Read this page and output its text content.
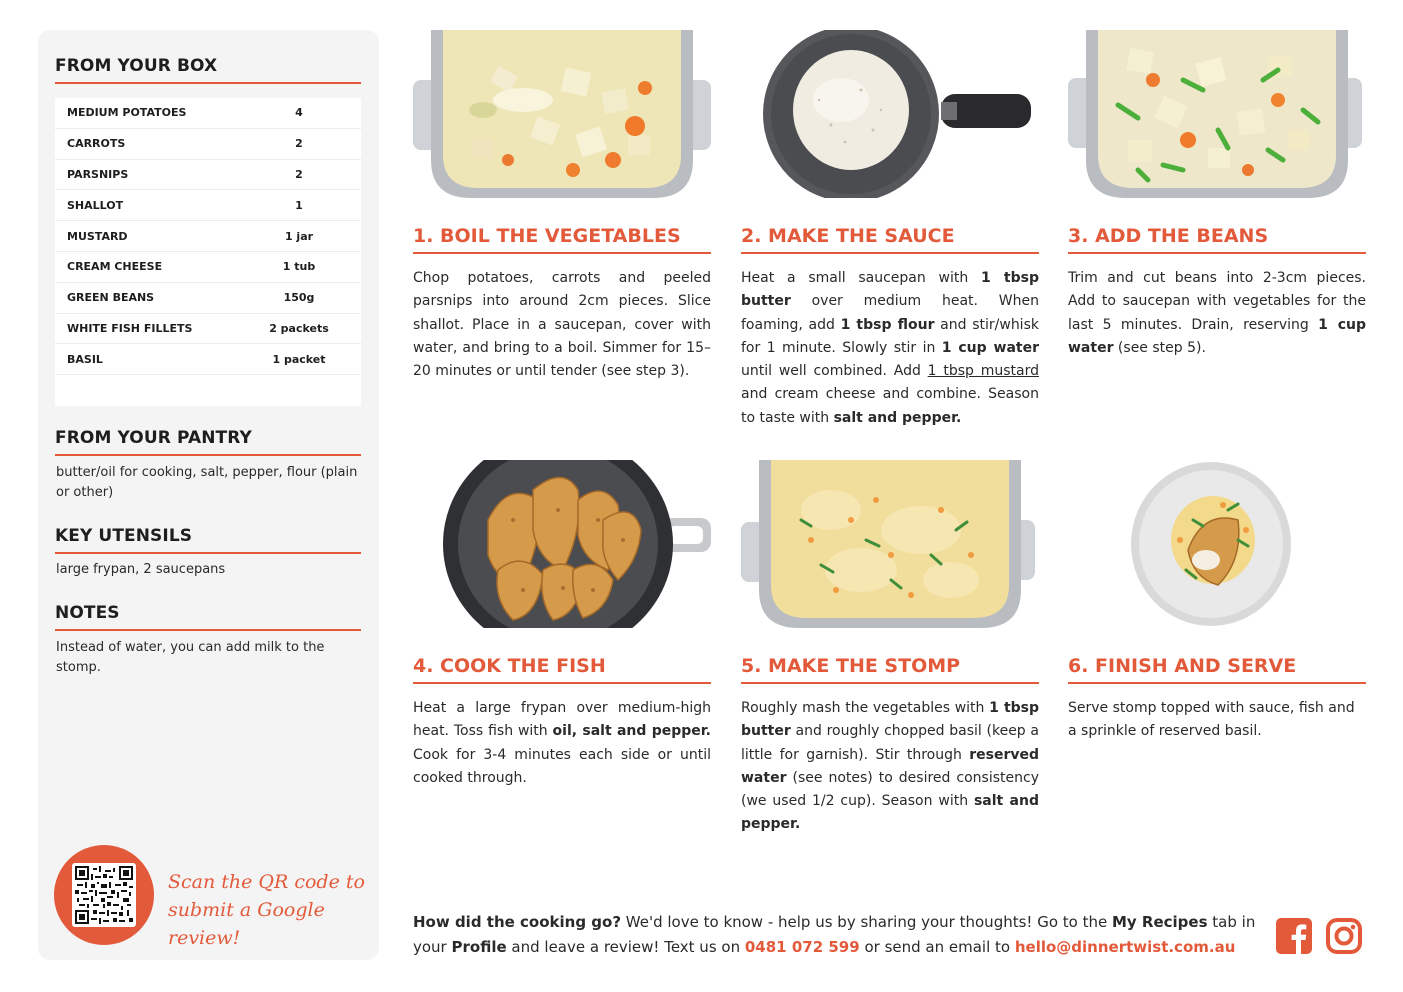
FROM YOUR BOX
MEDIUM POTATOES	4
CARROTS	2
PARSNIPS	2
SHALLOT	1
MUSTARD	1 jar
CREAM CHEESE	1 tub
GREEN BEANS	150g
WHITE FISH FILLETS	2 packets
BASIL	1 packet
FROM YOUR PANTRY
butter/oil for cooking, salt, pepper, flour (plain or other)
KEY UTENSILS
large frypan, 2 saucepans
NOTES
Instead of water, you can add milk to the stomp.
Scan the QR code to
submit a Google review!
1. BOIL THE VEGETABLES

Chop potatoes, carrots and peeled parsnips into around 2cm pieces. Slice shallot. Place in a saucepan, cover with water, and bring to a boil. Simmer for 15–20 minutes or until tender (see step 3).

2. MAKE THE SAUCE

Heat a small saucepan with 1 tbsp butter over medium heat. When foaming, add 1 tbsp flour and stir/whisk for 1 minute. Slowly stir in 1 cup water until well combined. Add 1 tbsp mustard and cream cheese and combine. Season to taste with salt and pepper.

3. ADD THE BEANS

Trim and cut beans into 2-3cm pieces. Add to saucepan with vegetables for the last 5 minutes. Drain, reserving 1 cup water (see step 5).

4. COOK THE FISH

Heat a large frypan over medium-high heat. Toss fish with oil, salt and pepper. Cook for 3-4 minutes each side or until cooked through.

5. MAKE THE STOMP

Roughly mash the vegetables with 1 tbsp butter and roughly chopped basil (keep a little for garnish). Stir through reserved water (see notes) to desired consistency (we used 1/2 cup). Season with salt and pepper.

6. FINISH AND SERVE

Serve stomp topped with sauce, fish and a sprinkle of reserved basil.

How did the cooking go? We'd love to know - help us by sharing your thoughts! Go to the My Recipes tab in your Profile and leave a review! Text us on 0481 072 599 or send an email to hello@dinnertwist.com.au
